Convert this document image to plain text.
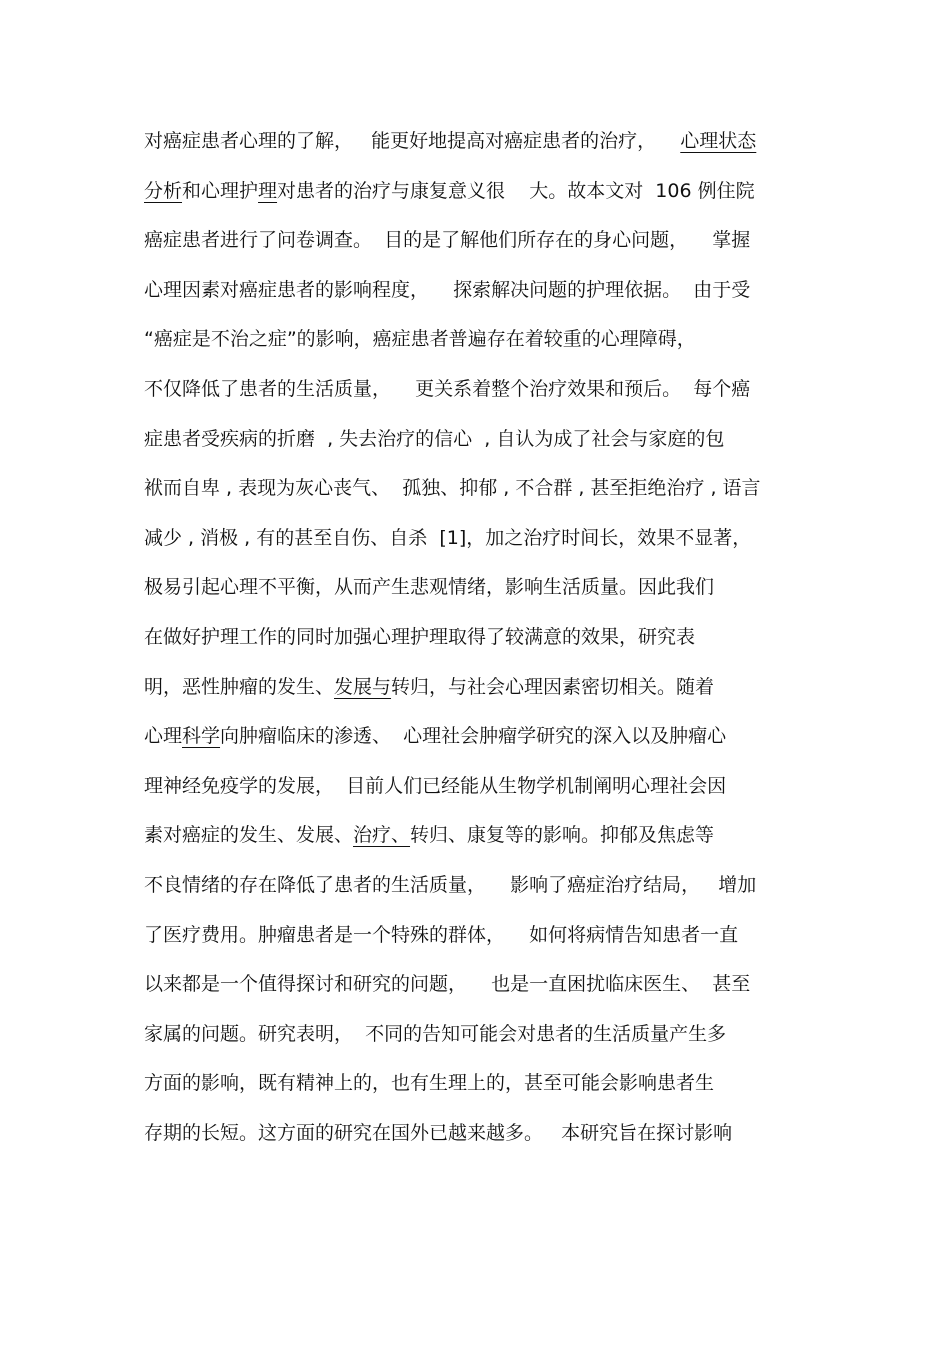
对癌症患者心理的了解，   能更好地提高对癌症患者的治疗，    心理状态
分析和心理护理对患者的治疗与康复意义很    大。故本文对  106 例住院
癌症患者进行了问卷调查。  目的是了解他们所存在的身心问题，    掌握
心理因素对癌症患者的影响程度，    探索解决问题的护理依据。  由于受
“癌症是不治之症”的影响，癌症患者普遍存在着较重的心理障碍，
不仅降低了患者的生活质量，    更关系着整个治疗效果和预后。  每个癌
症患者受疾病的折磨  , 失去治疗的信心  , 自认为成了社会与家庭的包
袱而自卑 , 表现为灰心丧气、  孤独、抑郁 , 不合群 , 甚至拒绝治疗 , 语言
减少 , 消极 , 有的甚至自伤、自杀  [1]，加之治疗时间长，效果不显著，
极易引起心理不平衡，从而产生悲观情绪，影响生活质量。因此我们
在做好护理工作的同时加强心理护理取得了较满意的效果，研究表
明，恶性肿瘤的发生、发展与转归，与社会心理因素密切相关。随着
心理科学向肿瘤临床的渗透、  心理社会肿瘤学研究的深入以及肿瘤心
理神经免疫学的发展，  目前人们已经能从生物学机制阐明心理社会因
素对癌症的发生、发展、治疗、转归、康复等的影响。抑郁及焦虑等
不良情绪的存在降低了患者的生活质量，    影响了癌症治疗结局，   增加
了医疗费用。肿瘤患者是一个特殊的群体，    如何将病情告知患者一直
以来都是一个值得探讨和研究的问题，    也是一直困扰临床医生、  甚至
家属的问题。研究表明，  不同的告知可能会对患者的生活质量产生多
方面的影响，既有精神上的，也有生理上的，甚至可能会影响患者生
存期的长短。这方面的研究在国外已越来越多。   本研究旨在探讨影响
